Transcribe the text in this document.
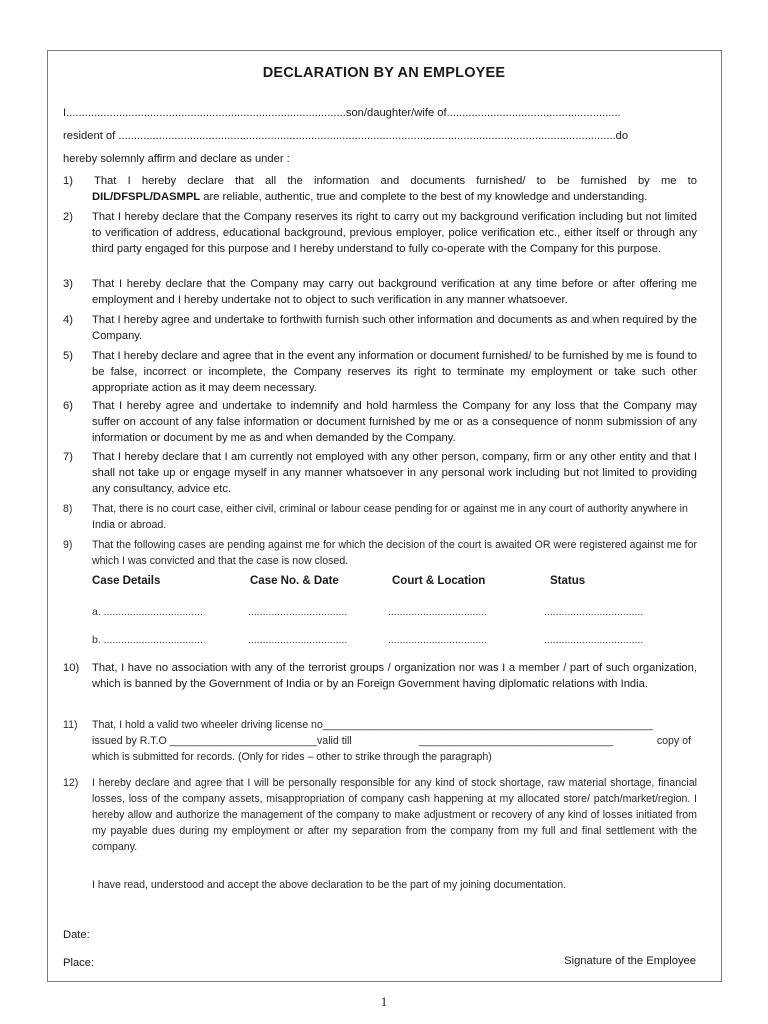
DECLARATION BY AN EMPLOYEE
I..........................................................................................son/daughter/wife of........................................................
resident of ................................................................................................................................................................do
hereby solemnly affirm and declare as under :
1) That I hereby declare that all the information and documents furnished/ to be furnished by me to
DIL/DFSPL/DASMPL are reliable, authentic, true and complete to the best of my knowledge and understanding.
2) That I hereby declare that the Company reserves its right to carry out my background verification including but not limited to verification of address, educational background, previous employer, police verification etc., either itself or through any third party engaged for this purpose and I hereby understand to fully co-operate with the Company for this purpose.
3) That I hereby declare that the Company may carry out background verification at any time before or after offering me employment and I hereby undertake not to object to such verification in any manner whatsoever.
4) That I hereby agree and undertake to forthwith furnish such other information and documents as and when required by the Company.
5) That I hereby declare and agree that in the event any information or document furnished/ to be furnished by me is found to be false, incorrect or incomplete, the Company reserves its right to terminate my employment or take such other appropriate action as it may deem necessary.
6) That I hereby agree and undertake to indemnify and hold harmless the Company for any loss that the Company may suffer on account of any false information or document furnished by me or as a consequence of nonm submission of any information or document by me as and when demanded by the Company.
7) That I hereby declare that I am currently not employed with any other person, company, firm or any other entity and that I shall not take up or engage myself in any manner whatsoever in any personal work including but not limited to providing any consultancy, advice etc.
8) That, there is no court case, either civil, criminal or labour cease pending for or against me in any court of authority anywhere in India or abroad.
9) That the following cases are pending against me for which the decision of the court is awaited OR were registered against me for which I was convicted and that the case is now closed.
Case Details	Case No. & Date	Court & Location	Status
a. ..................................	..................................	..................................	..................................
b. ..................................	..................................	..................................	..................................
10) That, I have no association with any of the terrorist groups / organization nor was I a member / part of such organization, which is banned by the Government of India or by an Foreign Government having diplomatic relations with India.
11) That, I hold a valid two wheeler driving license no________________________________________________________
issued by R.T.O _________________________valid till	_________________________________	copy of
which is submitted for records. (Only for rides – other to strike through the paragraph)
12) I hereby declare and agree that I will be personally responsible for any kind of stock shortage, raw material shortage, financial losses, loss of the company assets, misappropriation of company cash happening at my allocated store/ patch/market/region. I hereby allow and authorize the management of the company to make adjustment or recovery of any kind of losses initiated from my payable dues during my employment or after my separation from the company from my full and final settlement with the company.
I have read, understood and accept the above declaration to be the part of my joining documentation.
Date:
Place:	Signature of the Employee
1
